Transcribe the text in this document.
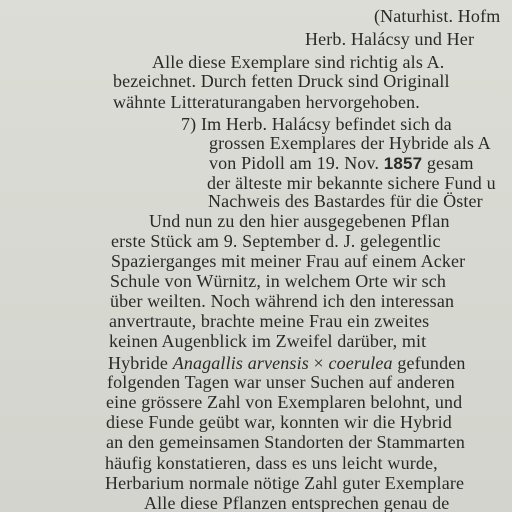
(Naturhist. Hofm
Herb. Halácsy und Her
Alle diese Exemplare sind richtig als A.
bezeichnet. Durch fetten Druck sind Originall
wähnte Litteraturangaben hervorgehoben.
7) Im Herb. Halácsy befindet sich da
grossen Exemplares der Hybride als A
von Pidoll am 19. Nov. 1857 gesam
der älteste mir bekannte sichere Fund u
Nachweis des Bastardes für die Öster
Und nun zu den hier ausgegebenen Pflan
erste Stück am 9. September d. J. gelegentlic
Spazierganges mit meiner Frau auf einem Acker
Schule von Würnitz, in welchem Orte wir sch
über weilten. Noch während ich den interessan
anvertraute, brachte meine Frau ein zweites
keinen Augenblick im Zweifel darüber, mit
Hybride Anagallis arvensis × coerulea gefunden
folgenden Tagen war unser Suchen auf anderen
eine grössere Zahl von Exemplaren belohnt, und
diese Funde geübt war, konnten wir die Hybrid
an den gemeinsamen Standorten der Stammarten
häufig konstatieren, dass es uns leicht wurde,
Herbarium normale nötige Zahl guter Exemplare
Alle diese Pflanzen entsprechen genau de
